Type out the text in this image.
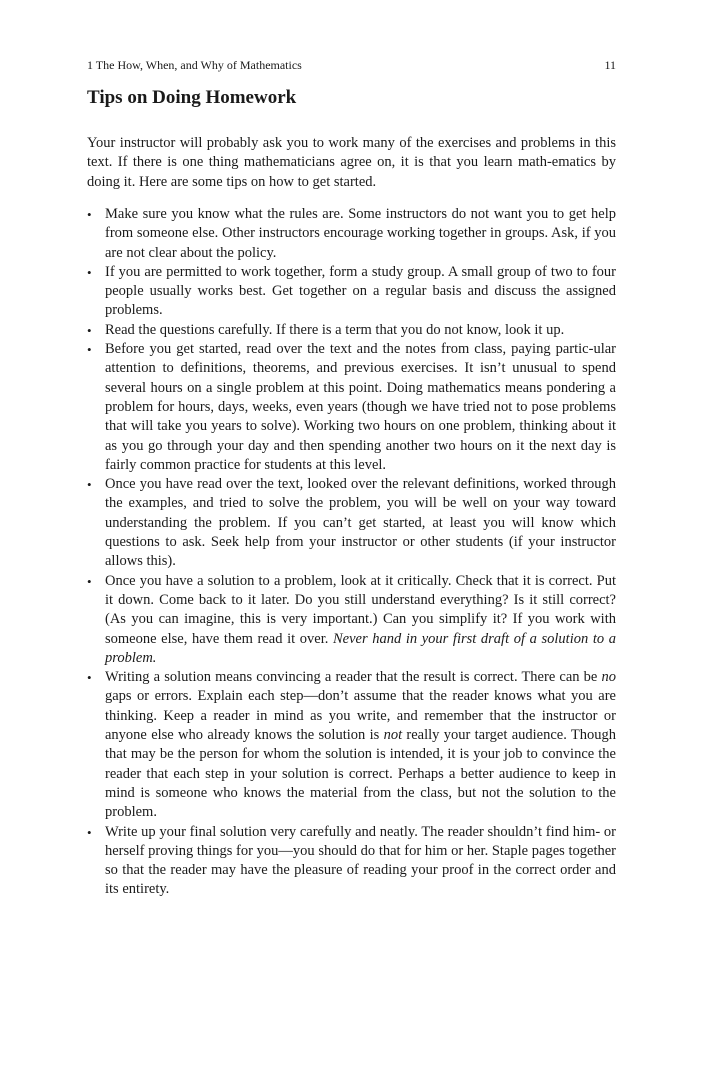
1 The How, When, and Why of Mathematics	11
Tips on Doing Homework

Your instructor will probably ask you to work many of the exercises and problems in this text. If there is one thing mathematicians agree on, it is that you learn math-ematics by doing it. Here are some tips on how to get started.

• Make sure you know what the rules are. Some instructors do not want you to get help from someone else. Other instructors encourage working together in groups. Ask, if you are not clear about the policy.
• If you are permitted to work together, form a study group. A small group of two to four people usually works best. Get together on a regular basis and discuss the assigned problems.
• Read the questions carefully. If there is a term that you do not know, look it up.
• Before you get started, read over the text and the notes from class, paying partic-ular attention to definitions, theorems, and previous exercises. It isn’t unusual to spend several hours on a single problem at this point. Doing mathematics means pondering a problem for hours, days, weeks, even years (though we have tried not to pose problems that will take you years to solve). Working two hours on one problem, thinking about it as you go through your day and then spending another two hours on it the next day is fairly common practice for students at this level.
• Once you have read over the text, looked over the relevant definitions, worked through the examples, and tried to solve the problem, you will be well on your way toward understanding the problem. If you can’t get started, at least you will know which questions to ask. Seek help from your instructor or other students (if your instructor allows this).
• Once you have a solution to a problem, look at it critically. Check that it is correct. Put it down. Come back to it later. Do you still understand everything? Is it still correct? (As you can imagine, this is very important.) Can you simplify it? If you work with someone else, have them read it over. Never hand in your first draft of a solution to a problem.
• Writing a solution means convincing a reader that the result is correct. There can be no gaps or errors. Explain each step—don’t assume that the reader knows what you are thinking. Keep a reader in mind as you write, and remember that the instructor or anyone else who already knows the solution is not really your target audience. Though that may be the person for whom the solution is intended, it is your job to convince the reader that each step in your solution is correct. Perhaps a better audience to keep in mind is someone who knows the material from the class, but not the solution to the problem.
• Write up your final solution very carefully and neatly. The reader shouldn’t find him- or herself proving things for you—you should do that for him or her. Staple pages together so that the reader may have the pleasure of reading your proof in the correct order and its entirety.
